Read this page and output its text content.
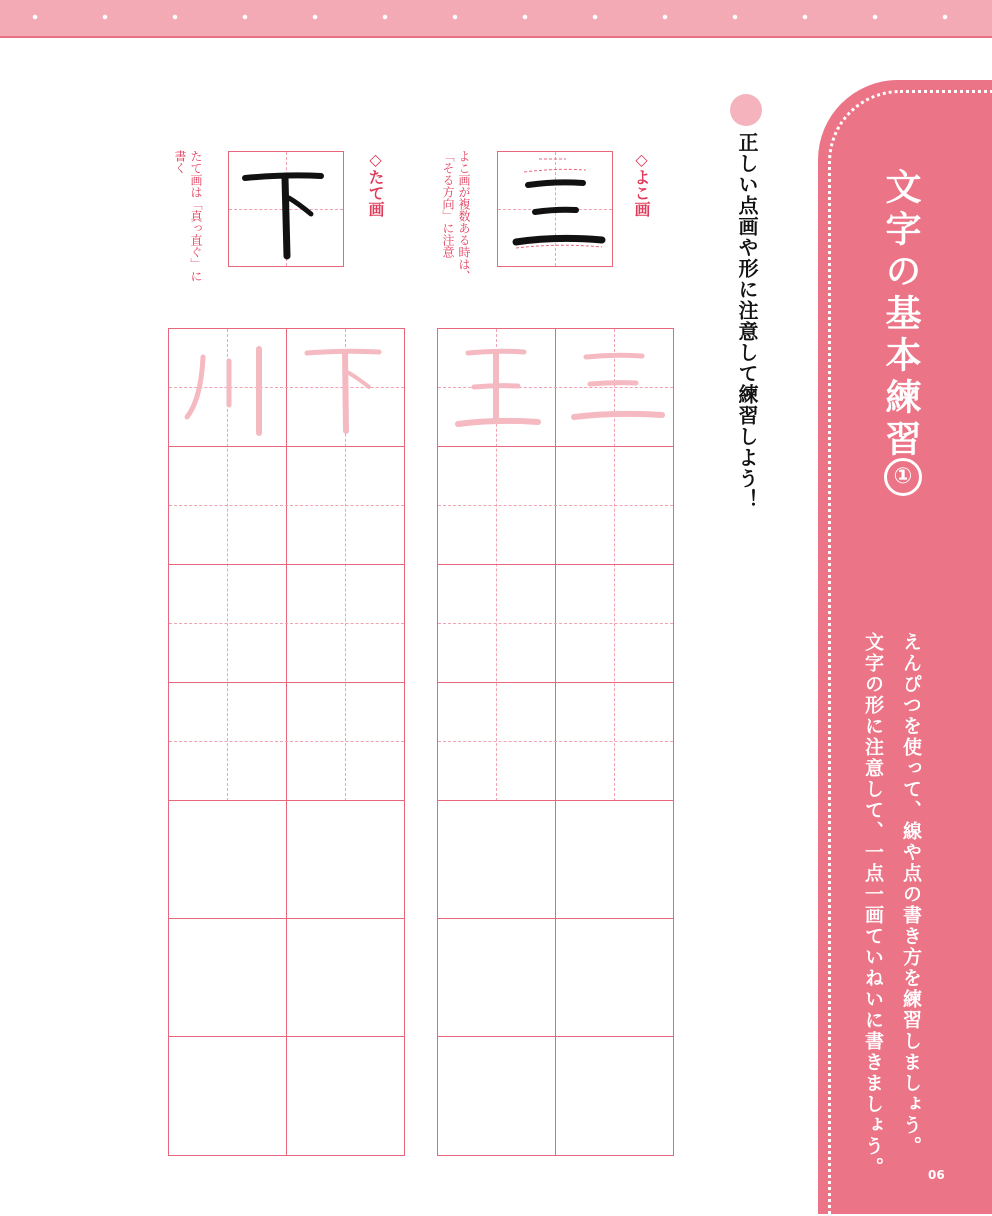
文字の基本練習
①
えんぴつを使って、線や点の書き方を練習しましょう。
文字の形に注意して、一点一画ていねいに書きましょう。	06
正しい点画や形に注意して練習しよう！
◇よこ画
よこ画が複数ある時は、「そる方向」に注意
◇たて画
たて画は「真っ直ぐ」に書く
